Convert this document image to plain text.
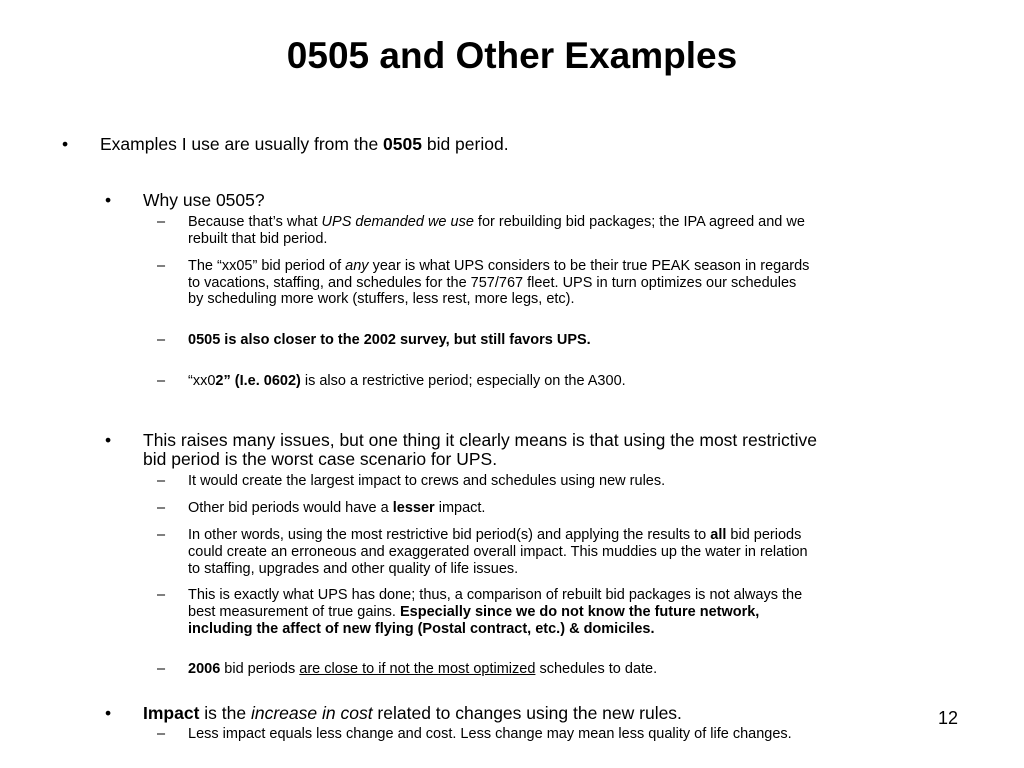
0505 and Other Examples
• Examples I use are usually from the 0505 bid period.
• Why use 0505?
– Because that’s what UPS demanded we use for rebuilding bid packages; the IPA agreed and we
rebuilt that bid period.
– The “xx05” bid period of any year is what UPS considers to be their true PEAK season in regards
to vacations, staffing, and schedules for the 757/767 fleet. UPS in turn optimizes our schedules
by scheduling more work (stuffers, less rest, more legs, etc).
– 0505 is also closer to the 2002 survey, but still favors UPS.
– “xx02” (I.e. 0602) is also a restrictive period; especially on the A300.
• This raises many issues, but one thing it clearly means is that using the most restrictive
bid period is the worst case scenario for UPS.
– It would create the largest impact to crews and schedules using new rules.
– Other bid periods would have a lesser impact.
– In other words, using the most restrictive bid period(s) and applying the results to all bid periods
could create an erroneous and exaggerated overall impact. This muddies up the water in relation
to staffing, upgrades and other quality of life issues.
– This is exactly what UPS has done; thus, a comparison of rebuilt bid packages is not always the
best measurement of true gains. Especially since we do not know the future network,
including the affect of new flying (Postal contract, etc.) & domiciles.
– 2006 bid periods are close to if not the most optimized schedules to date.
• Impact is the increase in cost related to changes using the new rules.
– Less impact equals less change and cost. Less change may mean less quality of life changes.
12
